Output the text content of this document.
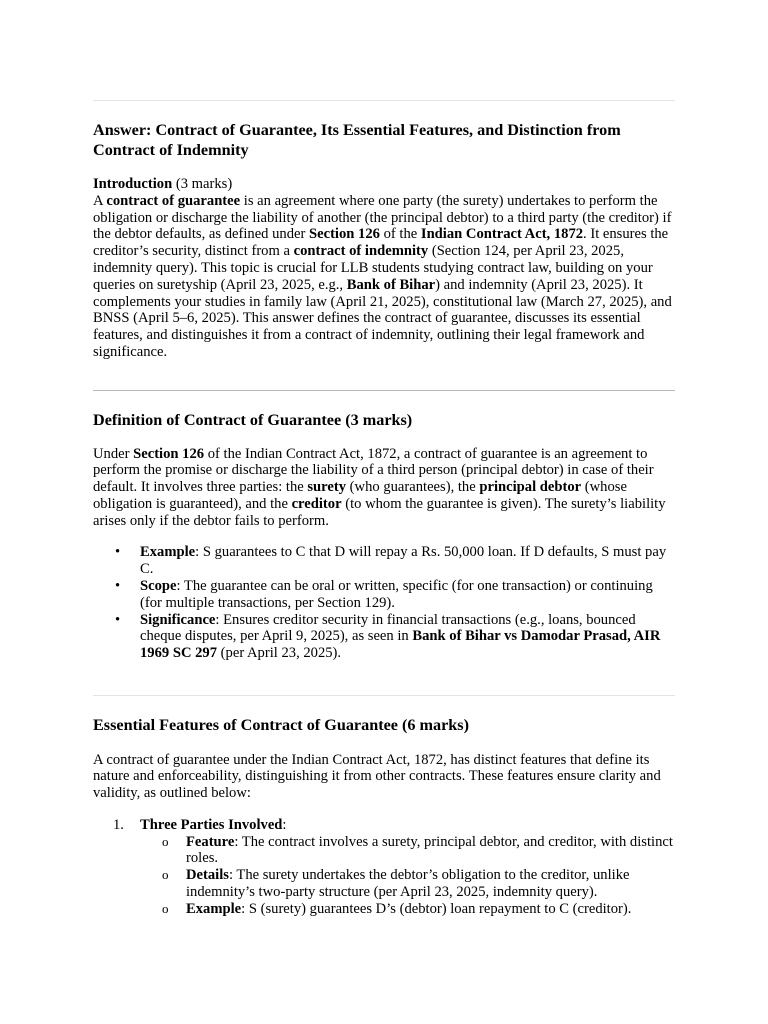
Answer: Contract of Guarantee, Its Essential Features, and Distinction from Contract of Indemnity

Introduction (3 marks)

A contract of guarantee is an agreement where one party (the surety) undertakes to perform the obligation or discharge the liability of another (the principal debtor) to a third party (the creditor) if the debtor defaults, as defined under Section 126 of the Indian Contract Act, 1872. It ensures the creditor’s security, distinct from a contract of indemnity (Section 124, per April 23, 2025, indemnity query). This topic is crucial for LLB students studying contract law, building on your queries on suretyship (April 23, 2025, e.g., Bank of Bihar) and indemnity (April 23, 2025). It complements your studies in family law (April 21, 2025), constitutional law (March 27, 2025), and BNSS (April 5–6, 2025). This answer defines the contract of guarantee, discusses its essential features, and distinguishes it from a contract of indemnity, outlining their legal framework and significance.

Definition of Contract of Guarantee (3 marks)

Under Section 126 of the Indian Contract Act, 1872, a contract of guarantee is an agreement to perform the promise or discharge the liability of a third person (principal debtor) in case of their default. It involves three parties: the surety (who guarantees), the principal debtor (whose obligation is guaranteed), and the creditor (to whom the guarantee is given). The surety’s liability arises only if the debtor fails to perform.

• Example: S guarantees to C that D will repay a Rs. 50,000 loan. If D defaults, S must pay C.
• Scope: The guarantee can be oral or written, specific (for one transaction) or continuing (for multiple transactions, per Section 129).
• Significance: Ensures creditor security in financial transactions (e.g., loans, bounced cheque disputes, per April 9, 2025), as seen in Bank of Bihar vs Damodar Prasad, AIR 1969 SC 297 (per April 23, 2025).
Essential Features of Contract of Guarantee (6 marks)

A contract of guarantee under the Indian Contract Act, 1872, has distinct features that define its nature and enforceability, distinguishing it from other contracts. These features ensure clarity and validity, as outlined below:

1. Three Parties Involved:
o Feature: The contract involves a surety, principal debtor, and creditor, with distinct roles.
o Details: The surety undertakes the debtor’s obligation to the creditor, unlike indemnity’s two-party structure (per April 23, 2025, indemnity query).
o Example: S (surety) guarantees D’s (debtor) loan repayment to C (creditor).
